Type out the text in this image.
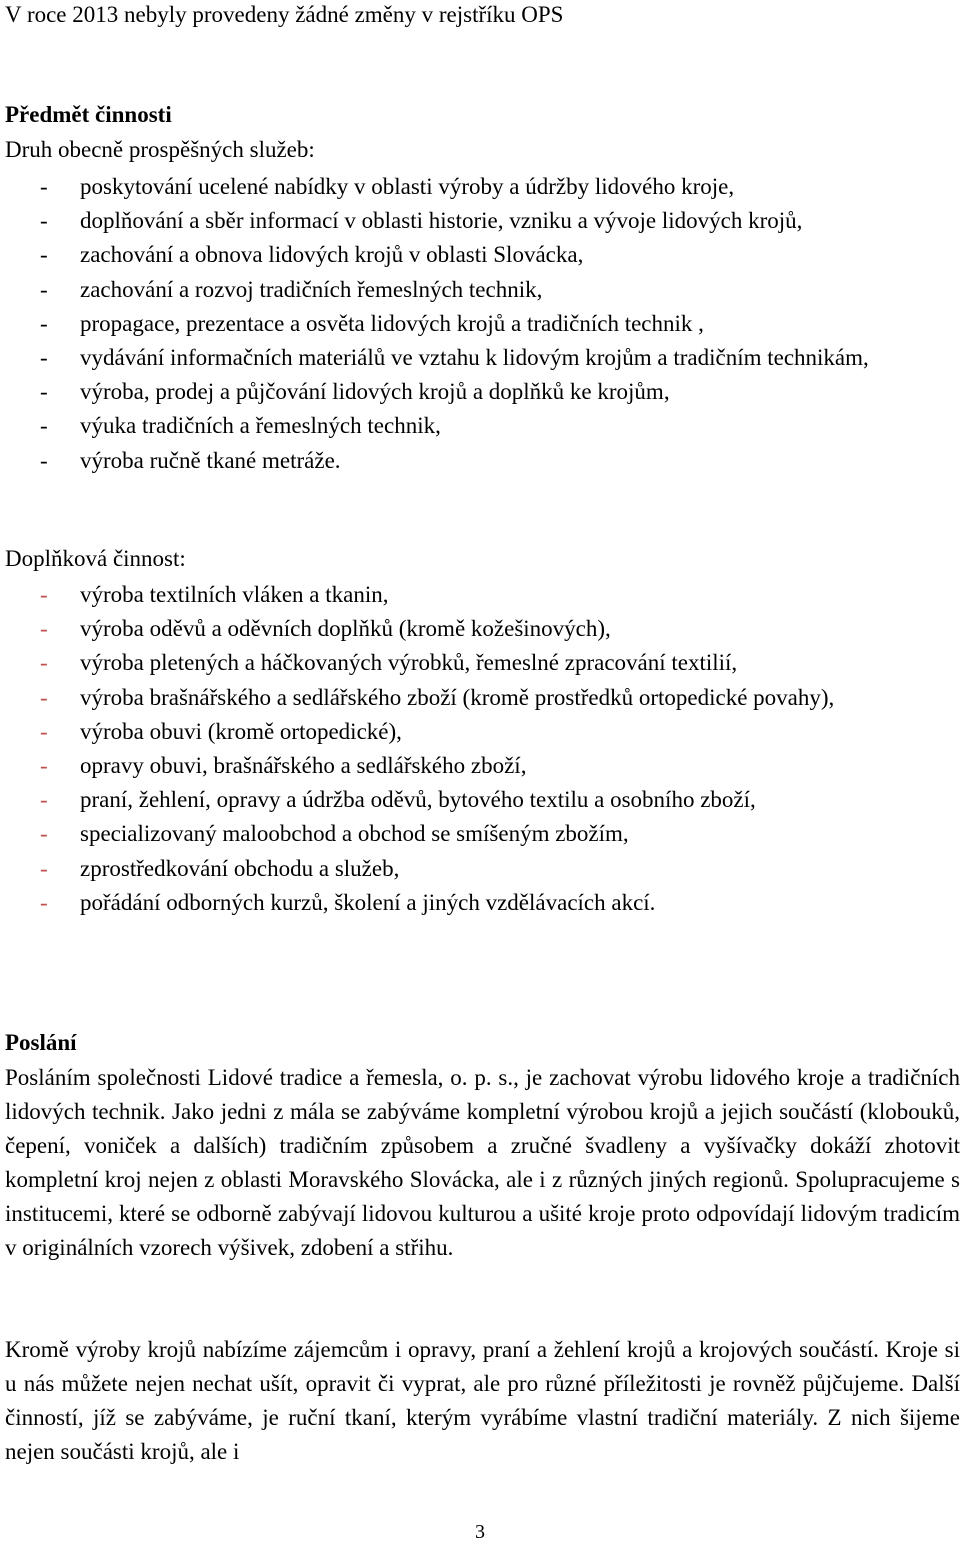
V roce 2013 nebyly provedeny žádné změny v rejstříku OPS
Předmět činnosti
Druh obecně prospěšných služeb:
- poskytování ucelené nabídky v oblasti výroby a údržby lidového kroje,
- doplňování a sběr informací v oblasti historie, vzniku a vývoje lidových krojů,
- zachování a obnova lidových krojů v oblasti Slovácka,
- zachování a rozvoj tradičních řemeslných technik,
- propagace, prezentace a osvěta lidových krojů a tradičních technik ,
- vydávání informačních materiálů ve vztahu k lidovým krojům a tradičním technikám,
- výroba, prodej a půjčování lidových krojů a doplňků ke krojům,
- výuka tradičních a řemeslných technik,
- výroba ručně tkané metráže.
Doplňková činnost:
- výroba textilních vláken a tkanin,
- výroba oděvů a oděvních doplňků (kromě kožešinových),
- výroba pletených a háčkovaných výrobků, řemeslné zpracování textilií,
- výroba brašnářského a sedlářského zboží (kromě prostředků ortopedické povahy),
- výroba obuvi (kromě ortopedické),
- opravy obuvi, brašnářského a sedlářského zboží,
- praní, žehlení, opravy a údržba oděvů, bytového textilu a osobního zboží,
- specializovaný maloobchod a obchod se smíšeným zbožím,
- zprostředkování obchodu a služeb,
- pořádání odborných kurzů, školení a jiných vzdělávacích akcí.
Poslání

Posláním společnosti Lidové tradice a řemesla, o. p. s., je zachovat výrobu lidového kroje a tradičních lidových technik. Jako jedni z mála se zabýváme kompletní výrobou krojů a jejich součástí (klobouků, čepení, voniček a dalších) tradičním způsobem a zručné švadleny a vyšívačky dokáží zhotovit kompletní kroj nejen z oblasti Moravského Slovácka, ale i z různých jiných regionů. Spolupracujeme s institucemi, které se odborně zabývají lidovou kulturou a ušité kroje proto odpovídají lidovým tradicím v originálních vzorech výšivek, zdobení a střihu.

Kromě výroby krojů nabízíme zájemcům i opravy, praní a žehlení krojů a krojových součástí. Kroje si u nás můžete nejen nechat ušít, opravit či vyprat, ale pro různé příležitosti je rovněž půjčujeme. Další činností, jíž se zabýváme, je ruční tkaní, kterým vyrábíme vlastní tradiční materiály. Z nich šijeme nejen součásti krojů, ale i

3
